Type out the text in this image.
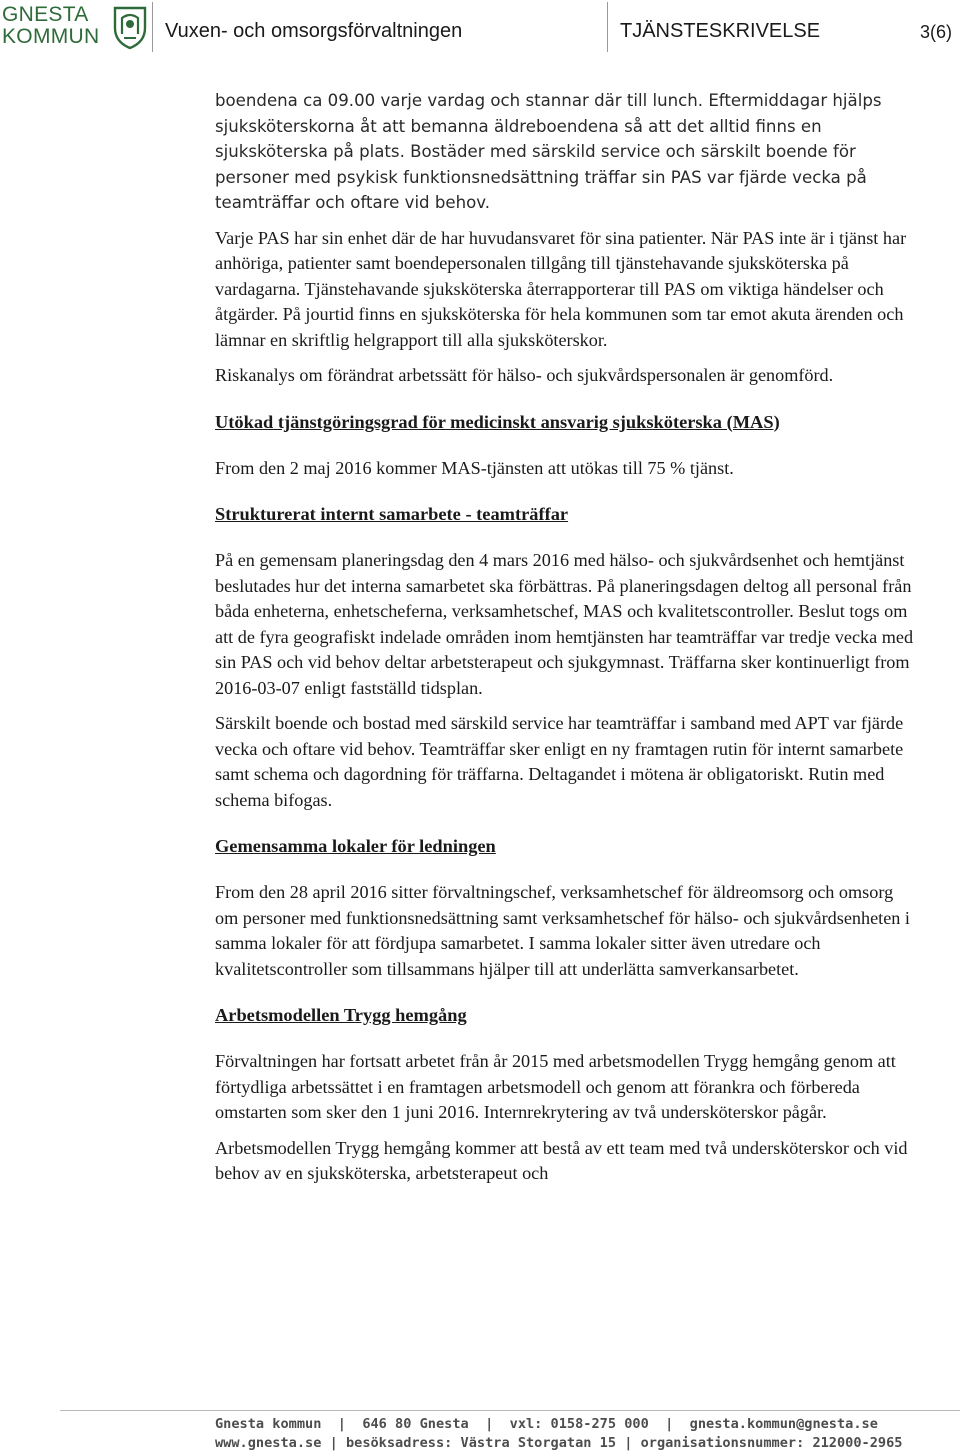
GNESTA
KOMMUN	Vuxen- och omsorgsförvaltningen	TJÄNSTESKRIVELSE	3(6)

boendena ca 09.00 varje vardag och stannar där till lunch. Eftermiddagar hjälps sjuksköterskorna åt att bemanna äldreboendena så att det alltid finns en sjuksköterska på plats. Bostäder med särskild service och särskilt boende för personer med psykisk funktionsnedsättning träffar sin PAS var fjärde vecka på teamträffar och oftare vid behov.

Varje PAS har sin enhet där de har huvudansvaret för sina patienter. När PAS inte är i tjänst har anhöriga, patienter samt boendepersonalen tillgång till tjänstehavande sjuksköterska på vardagarna. Tjänstehavande sjuksköterska återrapporterar till PAS om viktiga händelser och åtgärder. På jourtid finns en sjuksköterska för hela kommunen som tar emot akuta ärenden och lämnar en skriftlig helgrapport till alla sjuksköterskor.

Riskanalys om förändrat arbetssätt för hälso- och sjukvårdspersonalen är genomförd.

Utökad tjänstgöringsgrad för medicinskt ansvarig sjuksköterska (MAS)

From den 2 maj 2016 kommer MAS-tjänsten att utökas till 75 % tjänst.

Strukturerat internt samarbete - teamträffar

På en gemensam planeringsdag den 4 mars 2016 med hälso- och sjukvårdsenhet och hemtjänst beslutades hur det interna samarbetet ska förbättras. På planeringsdagen deltog all personal från båda enheterna, enhetscheferna, verksamhetschef, MAS och kvalitetscontroller. Beslut togs om att de fyra geografiskt indelade områden inom hemtjänsten har teamträffar var tredje vecka med sin PAS och vid behov deltar arbetsterapeut och sjukgymnast. Träffarna sker kontinuerligt from 2016-03-07 enligt fastställd tidsplan.

Särskilt boende och bostad med särskild service har teamträffar i samband med APT var fjärde vecka och oftare vid behov. Teamträffar sker enligt en ny framtagen rutin för internt samarbete samt schema och dagordning för träffarna. Deltagandet i mötena är obligatoriskt. Rutin med schema bifogas.

Gemensamma lokaler för ledningen

From den 28 april 2016 sitter förvaltningschef, verksamhetschef för äldreomsorg och omsorg om personer med funktionsnedsättning samt verksamhetschef för hälso- och sjukvårdsenheten i samma lokaler för att fördjupa samarbetet. I samma lokaler sitter även utredare och kvalitetscontroller som tillsammans hjälper till att underlätta samverkansarbetet.

Arbetsmodellen Trygg hemgång

Förvaltningen har fortsatt arbetet från år 2015 med arbetsmodellen Trygg hemgång genom att förtydliga arbetssättet i en framtagen arbetsmodell och genom att förankra och förbereda omstarten som sker den 1 juni 2016. Internrekrytering av två undersköterskor pågår.

Arbetsmodellen Trygg hemgång kommer att bestå av ett team med två undersköterskor och vid behov av en sjuksköterska, arbetsterapeut och

Gnesta kommun  |  646 80 Gnesta  |  vxl: 0158-275 000  |  gnesta.kommun@gnesta.se
www.gnesta.se | besöksadress: Västra Storgatan 15 | organisationsnummer: 212000-2965
